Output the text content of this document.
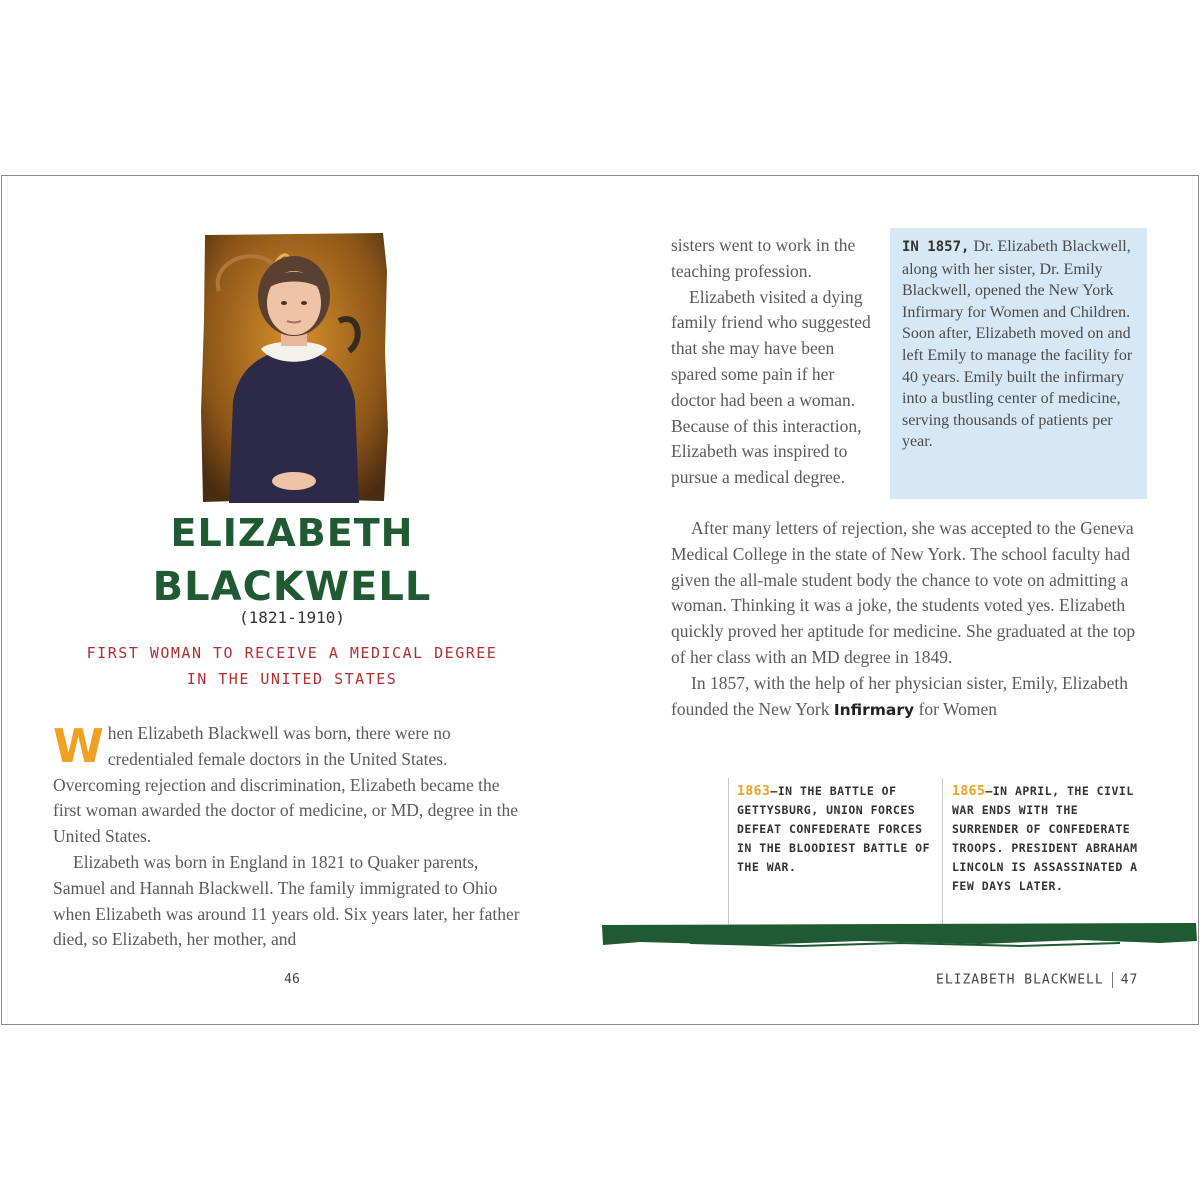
ELIZABETH
BLACKWELL
(1821-1910)
FIRST WOMAN TO RECEIVE A MEDICAL DEGREE
IN THE UNITED STATES

When Elizabeth Blackwell was born, there were no credentialed female doctors in the United States. Overcoming rejection and discrimination, Elizabeth became the first woman awarded the doctor of medicine, or MD, degree in the United States.

Elizabeth was born in England in 1821 to Quaker parents, Samuel and Hannah Blackwell. The family immigrated to Ohio when Elizabeth was around 11 years old. Six years later, her father died, so Elizabeth, her mother, and

46

sisters went to work in the teaching profession.

Elizabeth visited a dying family friend who suggested that she may have been spared some pain if her doctor had been a woman. Because of this interaction, Elizabeth was inspired to pursue a medical degree.

IN 1857, Dr. Elizabeth Blackwell, along with her sister, Dr. Emily Blackwell, opened the New York Infirmary for Women and Children. Soon after, Elizabeth moved on and left Emily to manage the facility for 40 years. Emily built the infirmary into a bustling center of medicine, serving thousands of patients per year.

After many letters of rejection, she was accepted to the Geneva Medical College in the state of New York. The school faculty had given the all-male student body the chance to vote on admitting a woman. Thinking it was a joke, the students voted yes. Elizabeth quickly proved her aptitude for medicine. She graduated at the top of her class with an MD degree in 1849.

In 1857, with the help of her physician sister, Emily, Elizabeth founded the New York Infirmary for Women

1863—IN THE BATTLE OF GETTYSBURG, UNION FORCES DEFEAT CONFEDERATE FORCES IN THE BLOODIEST BATTLE OF THE WAR.
1865—IN APRIL, THE CIVIL WAR ENDS WITH THE SURRENDER OF CONFEDERATE TROOPS. PRESIDENT ABRAHAM LINCOLN IS ASSASSINATED A FEW DAYS LATER.
ELIZABETH BLACKWELL 47
